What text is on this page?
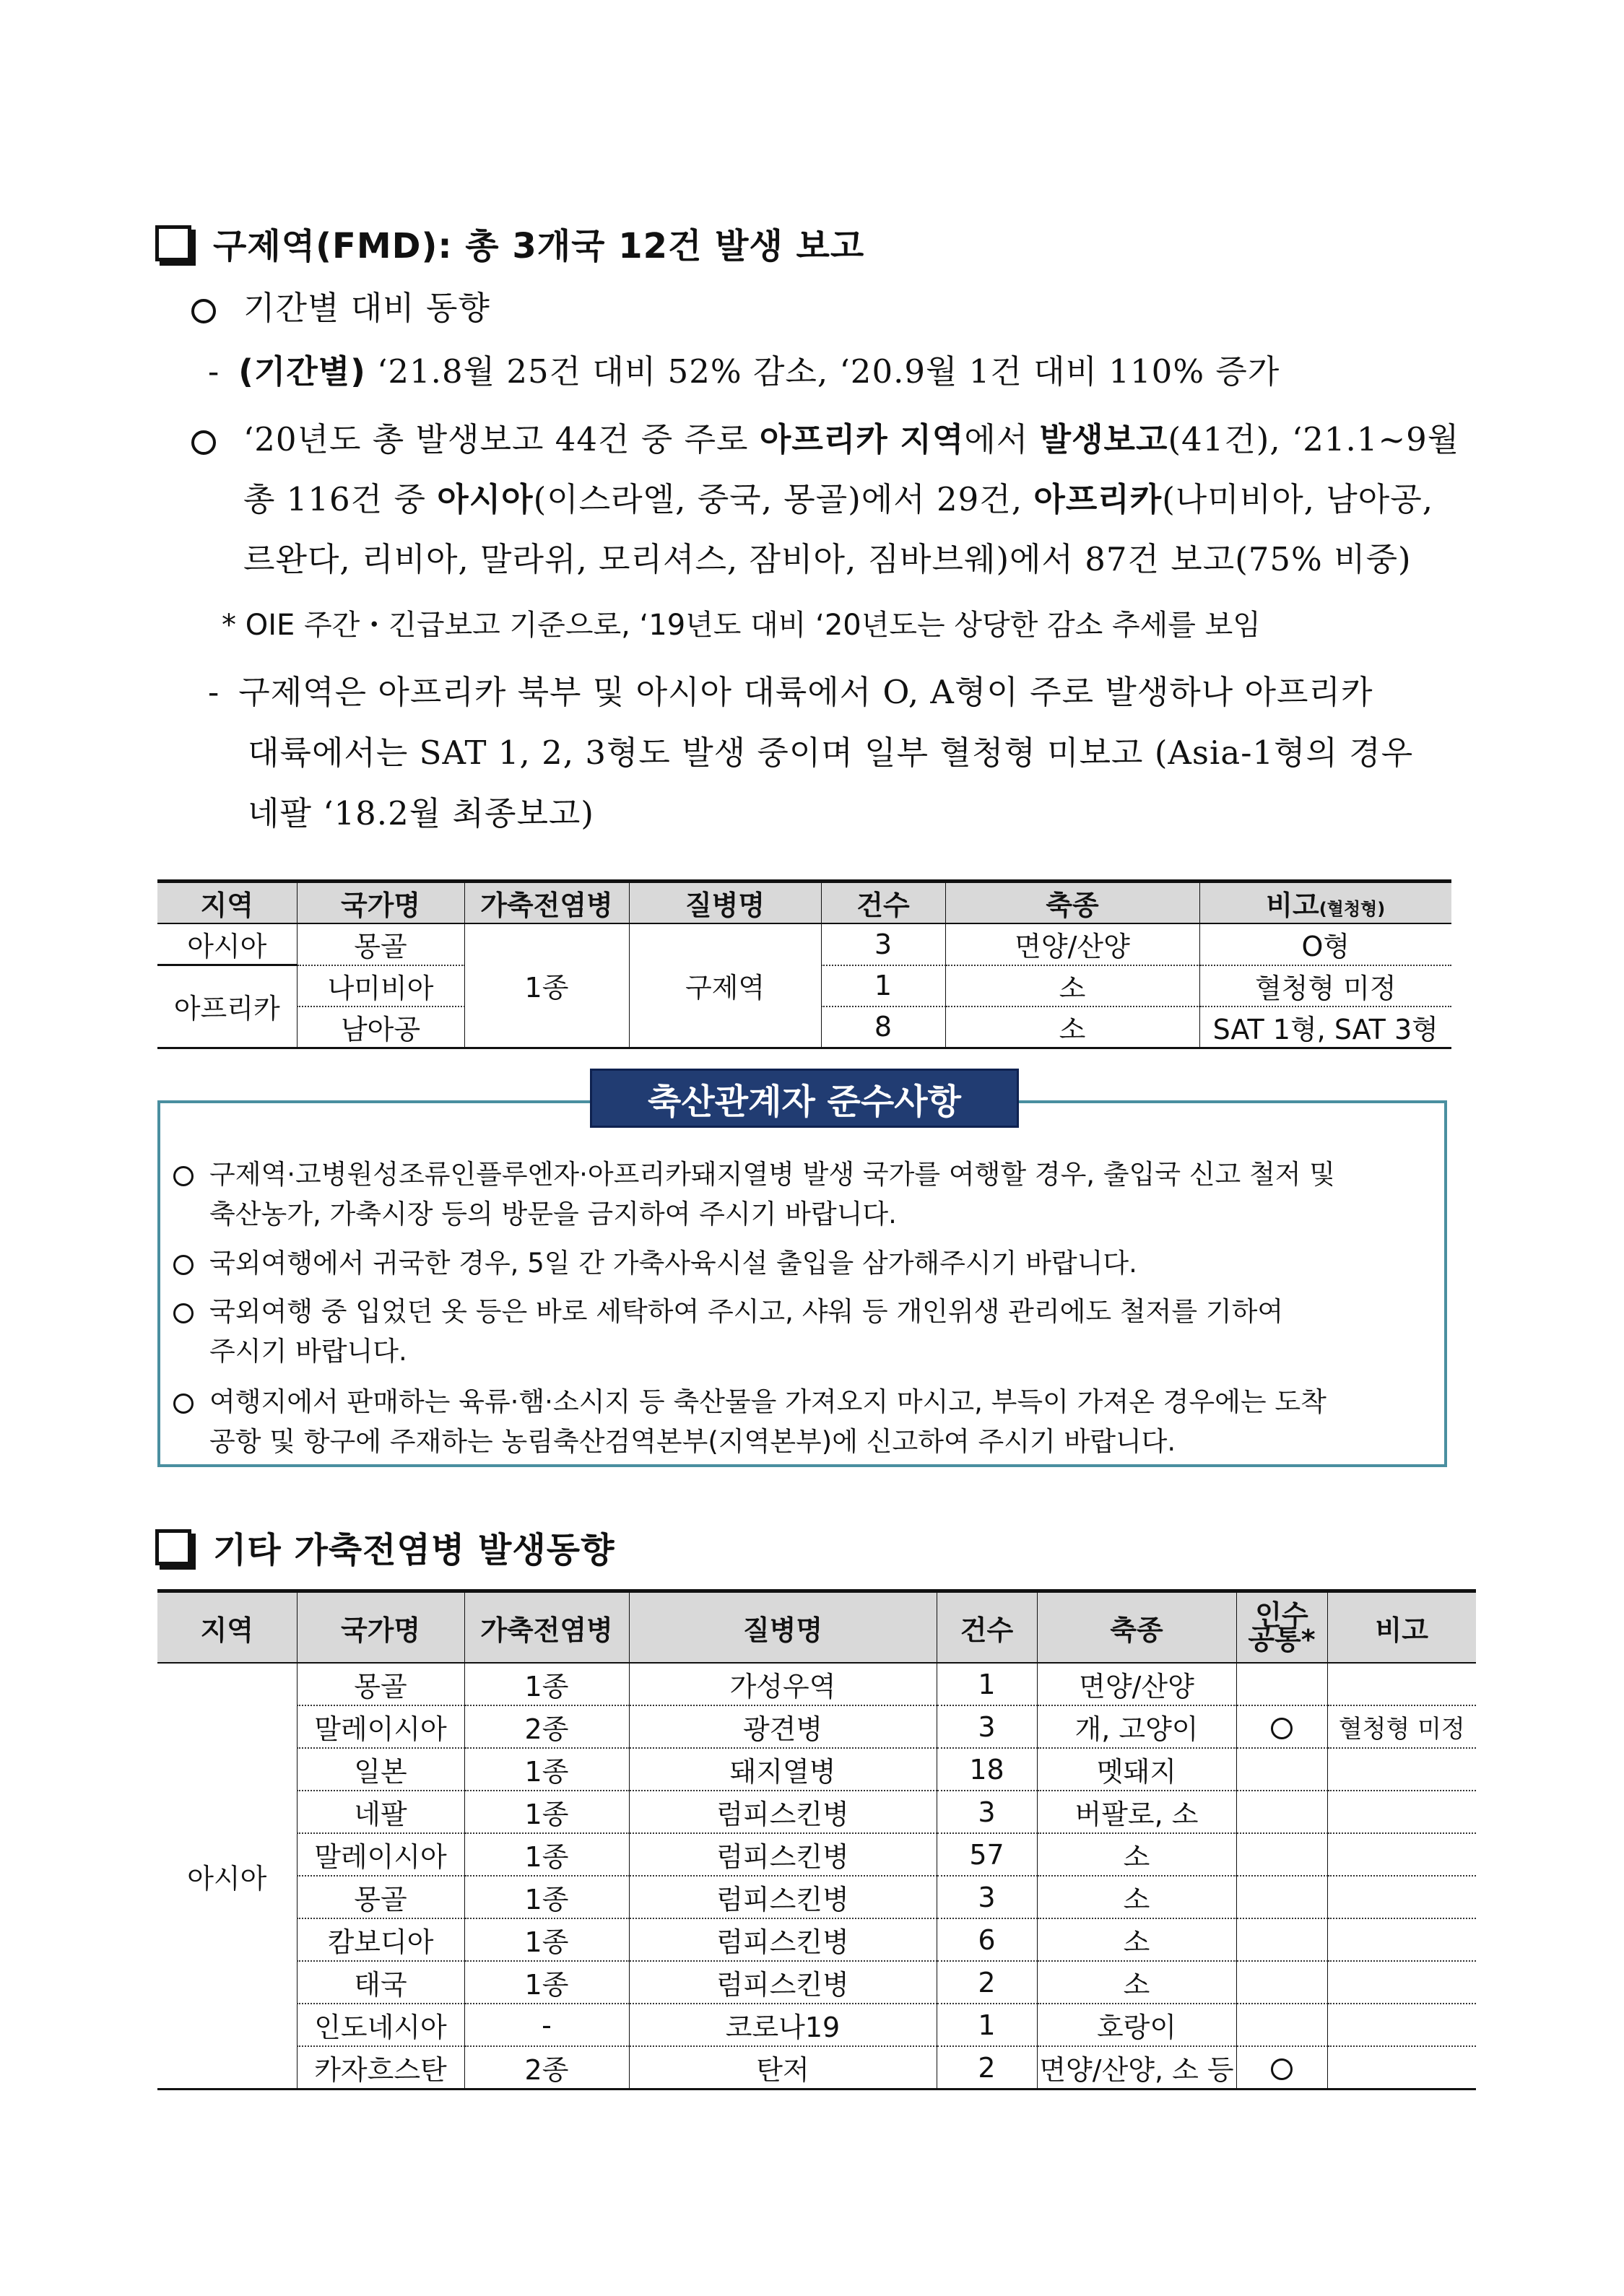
구제역(FMD): 총 3개국 12건 발생 보고
기간별 대비 동향
- (기간별) ‘21.8월 25건 대비 52% 감소, ‘20.9월 1건 대비 110% 증가
‘20년도 총 발생보고 44건 중 주로 아프리카 지역에서 발생보고(41건), ‘21.1~9월
총 116건 중 아시아(이스라엘, 중국, 몽골)에서 29건, 아프리카(나미비아, 남아공,
르완다, 리비아, 말라위, 모리셔스, 잠비아, 짐바브웨)에서 87건 보고(75% 비중)
* OIE 주간・긴급보고 기준으로, ‘19년도 대비 ‘20년도는 상당한 감소 추세를 보임
- 구제역은 아프리카 북부 및 아시아 대륙에서 O, A형이 주로 발생하나 아프리카
대륙에서는 SAT 1, 2, 3형도 발생 중이며 일부 혈청형 미보고 (Asia-1형의 경우
네팔 ‘18.2월 최종보고)
지역	국가명	가축전염병	질병명	건수	축종	비고(혈청형)
아시아	몽골	1종	구제역	3	면양/산양	O형
아프리카	나미비아			1	소	혈청형 미정
	남아공			8	소	SAT 1형, SAT 3형
축산관계자 준수사항
구제역·고병원성조류인플루엔자·아프리카돼지열병 발생 국가를 여행할 경우, 출입국 신고 철저 및
축산농가, 가축시장 등의 방문을 금지하여 주시기 바랍니다.
국외여행에서 귀국한 경우, 5일 간 가축사육시설 출입을 삼가해주시기 바랍니다.
국외여행 중 입었던 옷 등은 바로 세탁하여 주시고, 샤워 등 개인위생 관리에도 철저를 기하여
주시기 바랍니다.
여행지에서 판매하는 육류·햄·소시지 등 축산물을 가져오지 마시고, 부득이 가져온 경우에는 도착
공항 및 항구에 주재하는 농림축산검역본부(지역본부)에 신고하여 주시기 바랍니다.
기타 가축전염병 발생동향
지역	국가명	가축전염병	질병명	건수	축종	인수
공통*	비고
아시아	몽골	1종	가성우역	1	면양/산양		
	말레이시아	2종	광견병	3	개, 고양이		혈청형 미정
	일본	1종	돼지열병	18	멧돼지		
	네팔	1종	럼피스킨병	3	버팔로, 소		
	말레이시아	1종	럼피스킨병	57	소		
	몽골	1종	럼피스킨병	3	소		
	캄보디아	1종	럼피스킨병	6	소		
	태국	1종	럼피스킨병	2	소		
	인도네시아	-	코로나19	1	호랑이		
	카자흐스탄	2종	탄저	2	면양/산양, 소 등		
